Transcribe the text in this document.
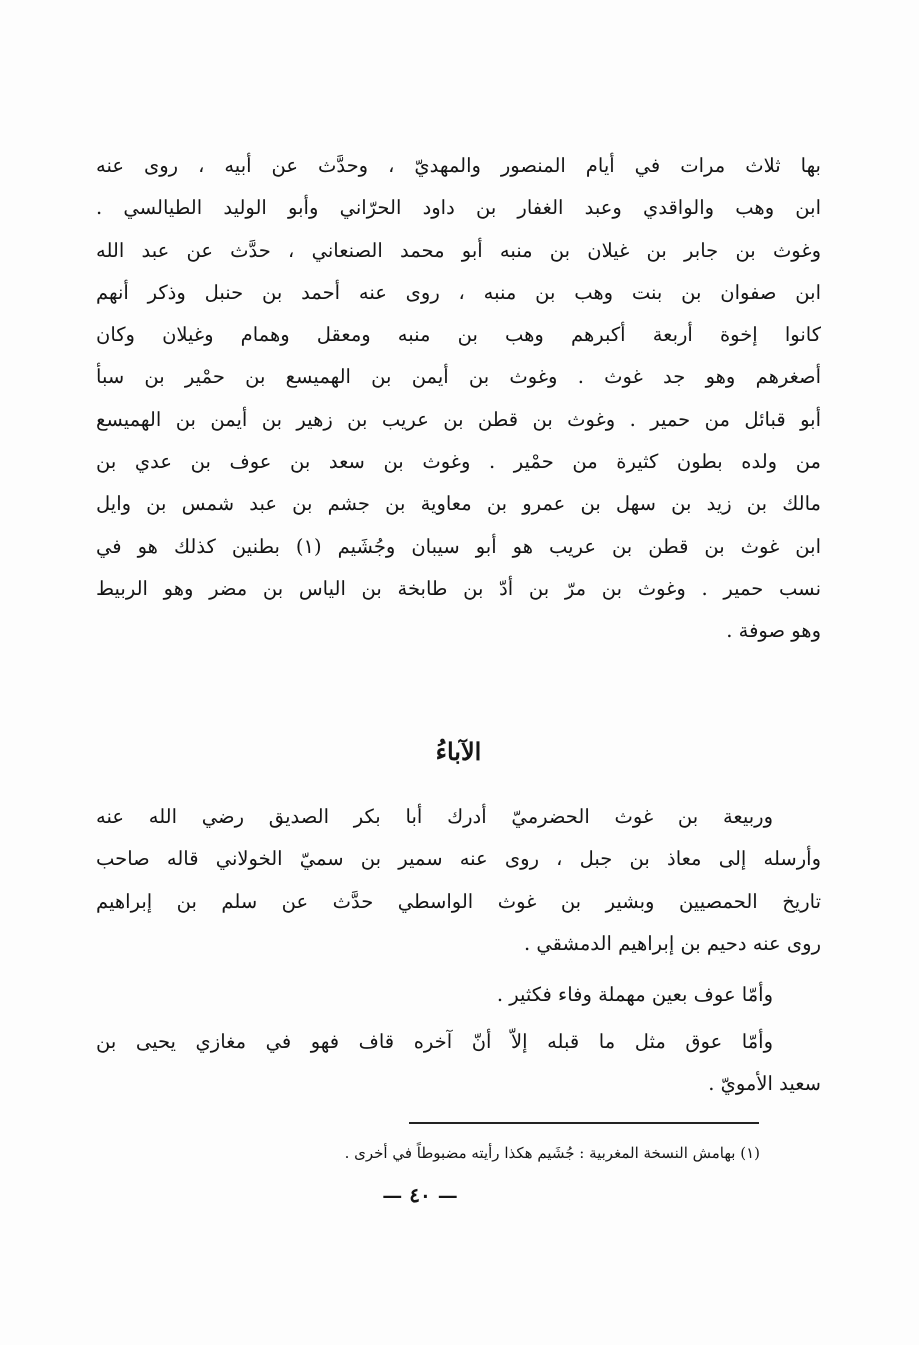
بها ثلاث مرات في أيام المنصور والمهديّ ، وحدَّث عن أبيه ، روى عنه
ابن وهب والواقدي وعبد الغفار بن داود الحرّاني وأبو الوليد الطيالسي .
وغوث بن جابر بن غيلان بن منبه أبو محمد الصنعاني ، حدَّث عن عبد الله
ابن صفوان بن بنت وهب بن منبه ، روى عنه أحمد بن حنبل وذكر أنهم
كانوا إخوة أربعة أكبرهم وهب بن منبه ومعقل وهمام وغيلان وكان
أصغرهم وهو جد غوث . وغوث بن أيمن بن الهميسع بن حمْير بن سبأ
أبو قبائل من حمير . وغوث بن قطن بن عريب بن زهير بن أيمن بن الهميسع
من ولده بطون كثيرة من حمْير . وغوث بن سعد بن عوف بن عدي بن
مالك بن زيد بن سهل بن عمرو بن معاوية بن جشم بن عبد شمس بن وايل
ابن غوث بن قطن بن عريب هو أبو سيبان وجُشَيم (١) بطنين كذلك هو في
نسب حمير . وغوث بن مرّ بن أدّ بن طابخة بن الياس بن مضر وهو الربيط
وهو صوفة .
الآباءُ
وربيعة بن غوث الحضرميّ أدرك أبا بكر الصديق رضي الله عنه
وأرسله إلى معاذ بن جبل ، روى عنه سمير بن سميّ الخولاني قاله صاحب
تاريخ الحمصيين وبشير بن غوث الواسطي حدَّث عن سلم بن إبراهيم
روى عنه دحيم بن إبراهيم الدمشقي .
وأمّا عوف بعين مهملة وفاء فكثير .
وأمّا عوق مثل ما قبله إلاّ أنّ آخره قاف فهو في مغازي يحيى بن
سعيد الأمويّ .
(١) بهامش النسخة المغربية : جُشَيم هكذا رأيته مضبوطاً في أخرى .
— ٤٠ —
